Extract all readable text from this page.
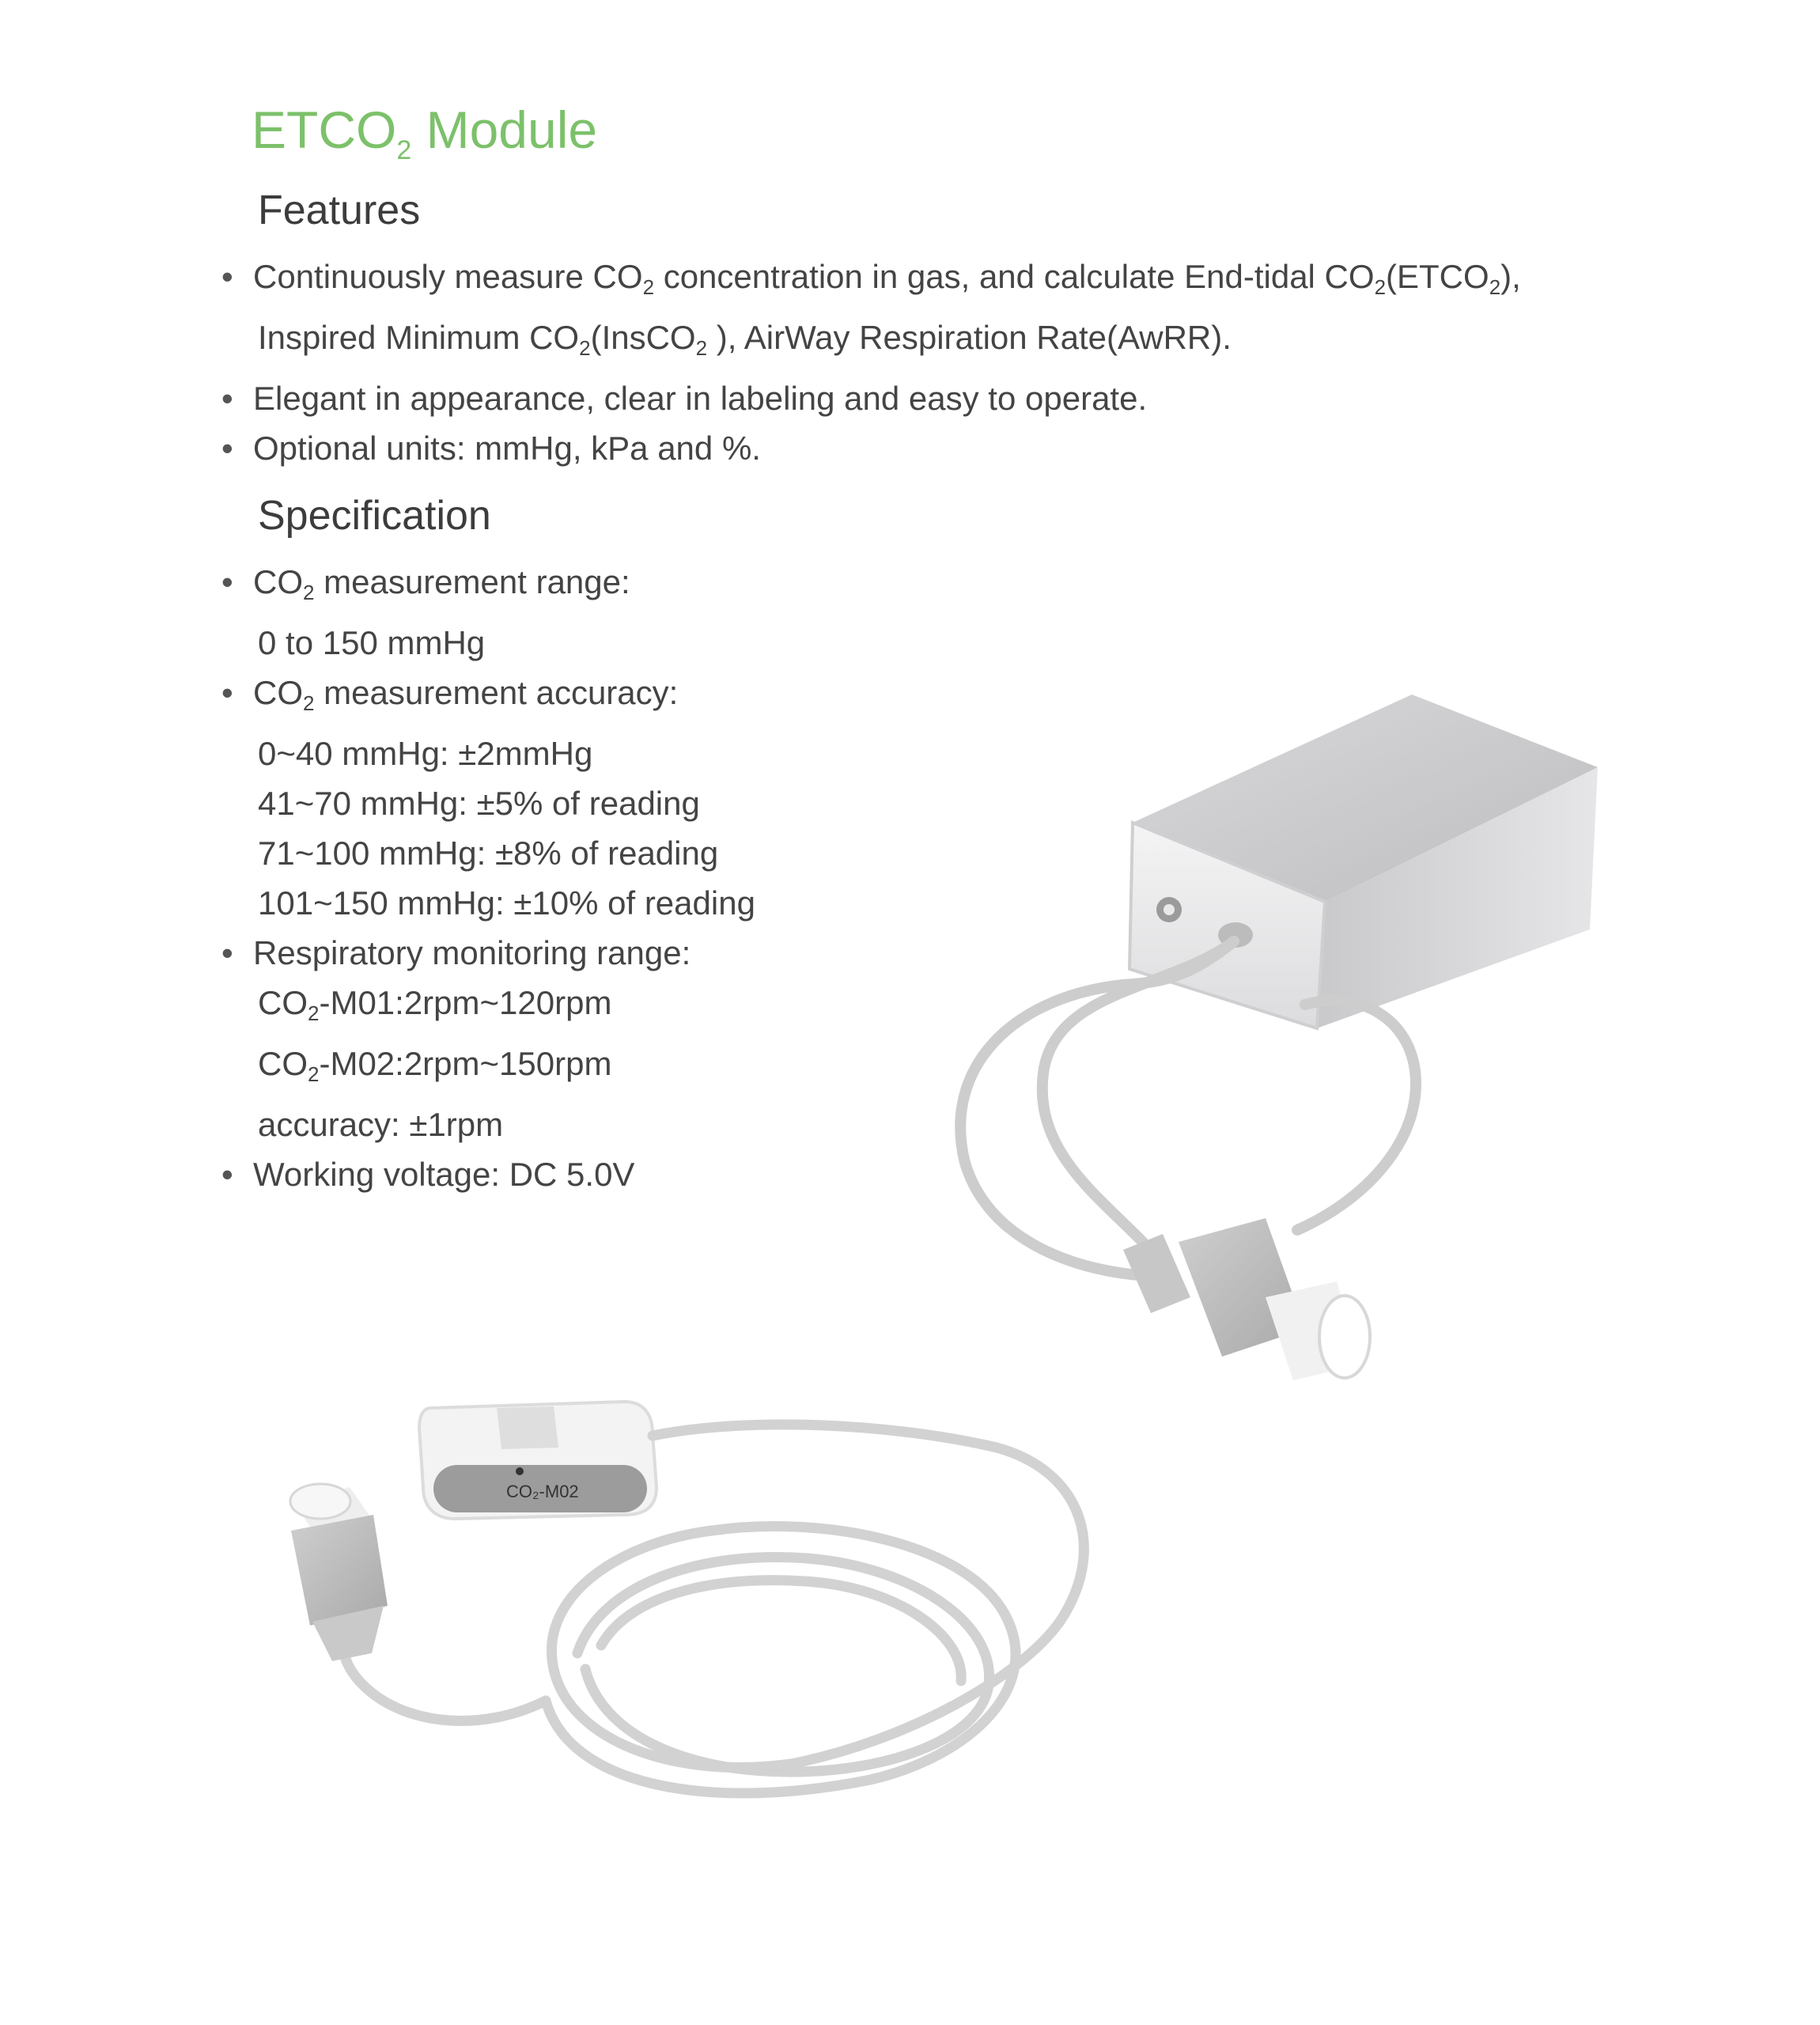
$ETCO_2$ Module
Features
• Continuously measure $CO_2$ concentration in gas, and calculate End-tidal $CO_2(ETCO_2)$,
Inspired Minimum $CO_2(InsCO_2$ ), AirWay Respiration Rate(AwRR).
• Elegant in appearance, clear in labeling and easy to operate.
• Optional units: mmHg, kPa and %.
Specification
• $CO_2$ measurement range:
0 to 150 mmHg
• $CO_2$ measurement accuracy:
0~40 mmHg: ±2mmHg
41~70 mmHg: ±5% of reading
71~100 mmHg: ±8% of reading
101~150 mmHg: ±10% of reading
• Respiratory monitoring range:
$CO_2-M01:2rpm\sim 120rpm$
$CO_2-M02:2rpm\sim 150rpm$
accuracy: ±1rpm
• Working voltage: DC 5.0V
CO₂-M02
